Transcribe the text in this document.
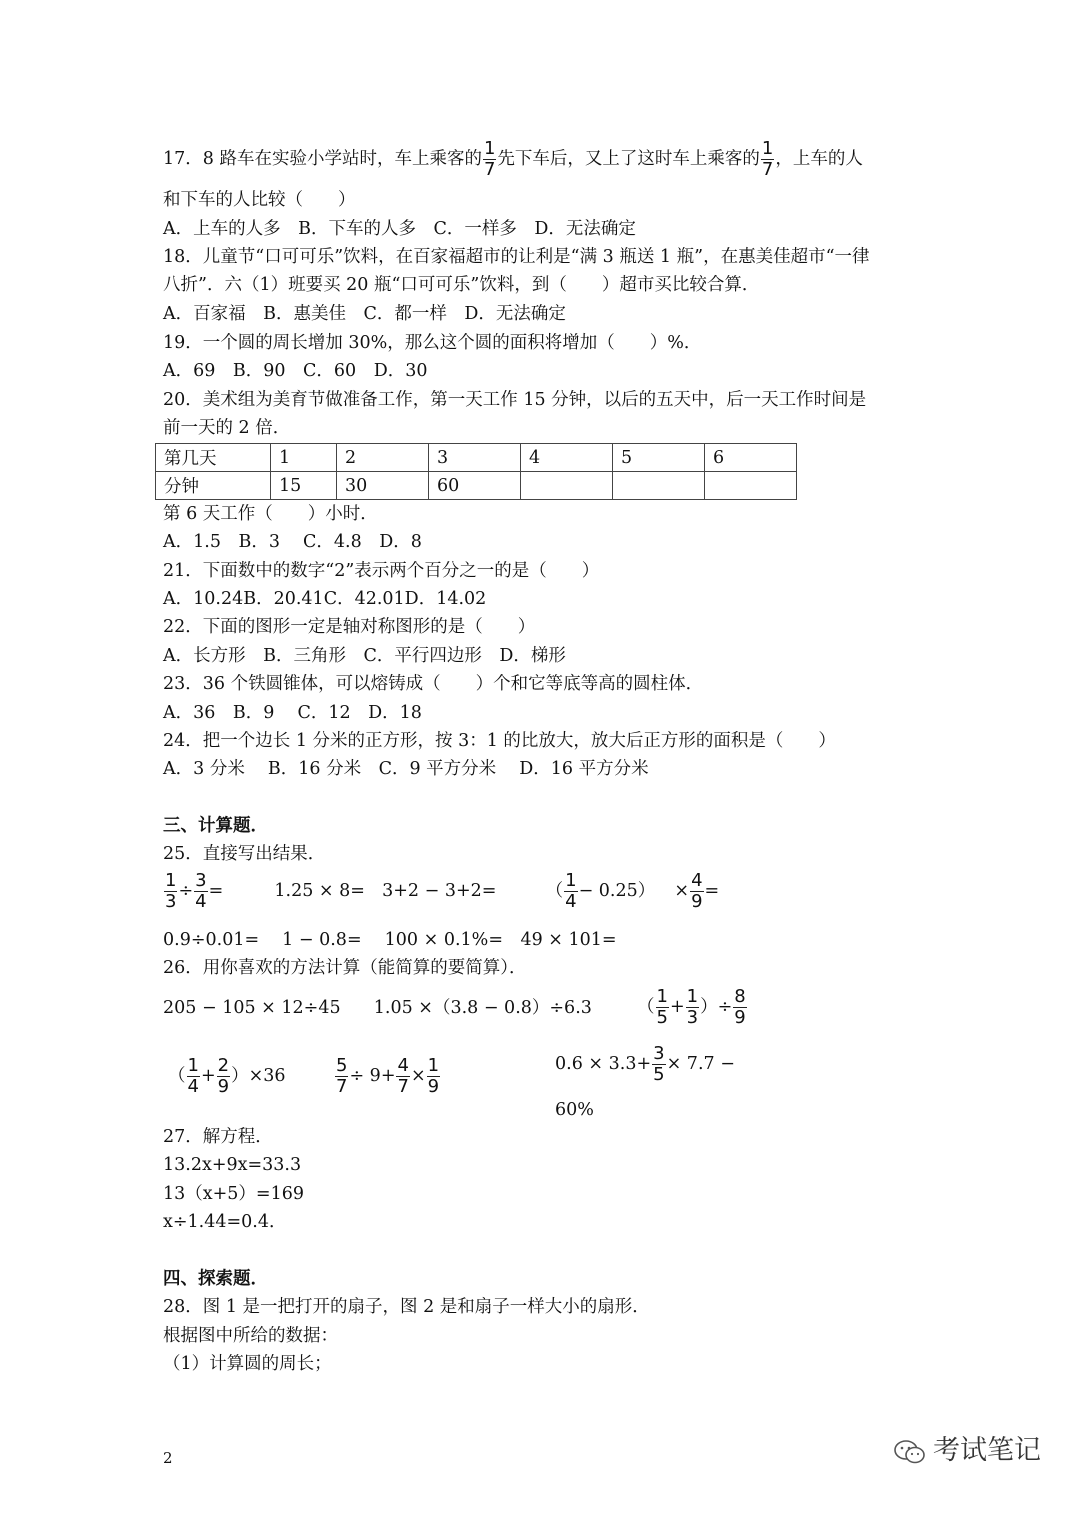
17．8 路车在实验小学站时，车上乘客的 $\frac{1}{7}$ 先下车后，又上了这时车上乘客的 $\frac{1}{7}$ ，上车的人
和下车的人比较（　　）
A．上车的人多　B．下车的人多　C．一样多　D．无法确定
18．儿童节“口可可乐”饮料，在百家福超市的让利是“满 3 瓶送 1 瓶”，在惠美佳超市“一律
八折”．六（1）班要买 20 瓶“口可可乐”饮料，到（　　）超市买比较合算．
A．百家福　B．惠美佳　C．都一样　D．无法确定
19．一个圆的周长增加 30%，那么这个圆的面积将增加（　　）%．
A．69　B．90　C．60　D．30
20．美术组为美育节做准备工作，第一天工作 15 分钟，以后的五天中，后一天工作时间是
前一天的 2 倍．
第几天	1	2	3	4	5	6
分钟	15	30	60			
第 6 天工作（　　）小时．
A．1.5　B．3　 C．4.8　D．8
21．下面数中的数字“2”表示两个百分之一的是（　　）
A．10.24B．20.41C．42.01D．14.02
22．下面的图形一定是轴对称图形的是（　　）
A．长方形　B．三角形　C．平行四边形　D．梯形
23．36 个铁圆锥体，可以熔铸成（　　）个和它等底等高的圆柱体．
A．36　B．9　 C．12　D．18
24．把一个边长 1 分米的正方形，按 3：1 的比放大，放大后正方形的面积是（　　）
A．3 分米　 B．16 分米　C．9 平方分米　 D．16 平方分米
三、计算题．
25．直接写出结果．
$\frac{1}{3} \div \frac{3}{4}$ =	1.25 × 8= 3+2 − 3+2=	（ $\frac{1}{4} - 0.25) \times \frac{4}{9}$ =
0.9÷0.01=　 1 − 0.8=　 100 × 0.1%=　49 × 101=
26．用你喜欢的方法计算（能简算的要简算）．
205 − 105 × 12÷45 1.05 ×（3.8 − 0.8）÷6.3	（ $\frac{1}{5} + \frac{1}{3}$ ）÷ $\frac{8}{9}$
（ $\frac{1}{4} + \frac{2}{9} )\times 36$	$\frac{5}{7} \div 9+ \frac{4}{7} \times \frac{1}{9}$	$0.6 \times 3.3+ \frac{3}{5} \times 7.7$ −
60%
27．解方程．
13.2x+9x=33.3
13（x+5）=169
x÷1.44=0.4．
四、探索题．
28．图 1 是一把打开的扇子，图 2 是和扇子一样大小的扇形．
根据图中所给的数据：
（1）计算圆的周长；
2	考试笔记
